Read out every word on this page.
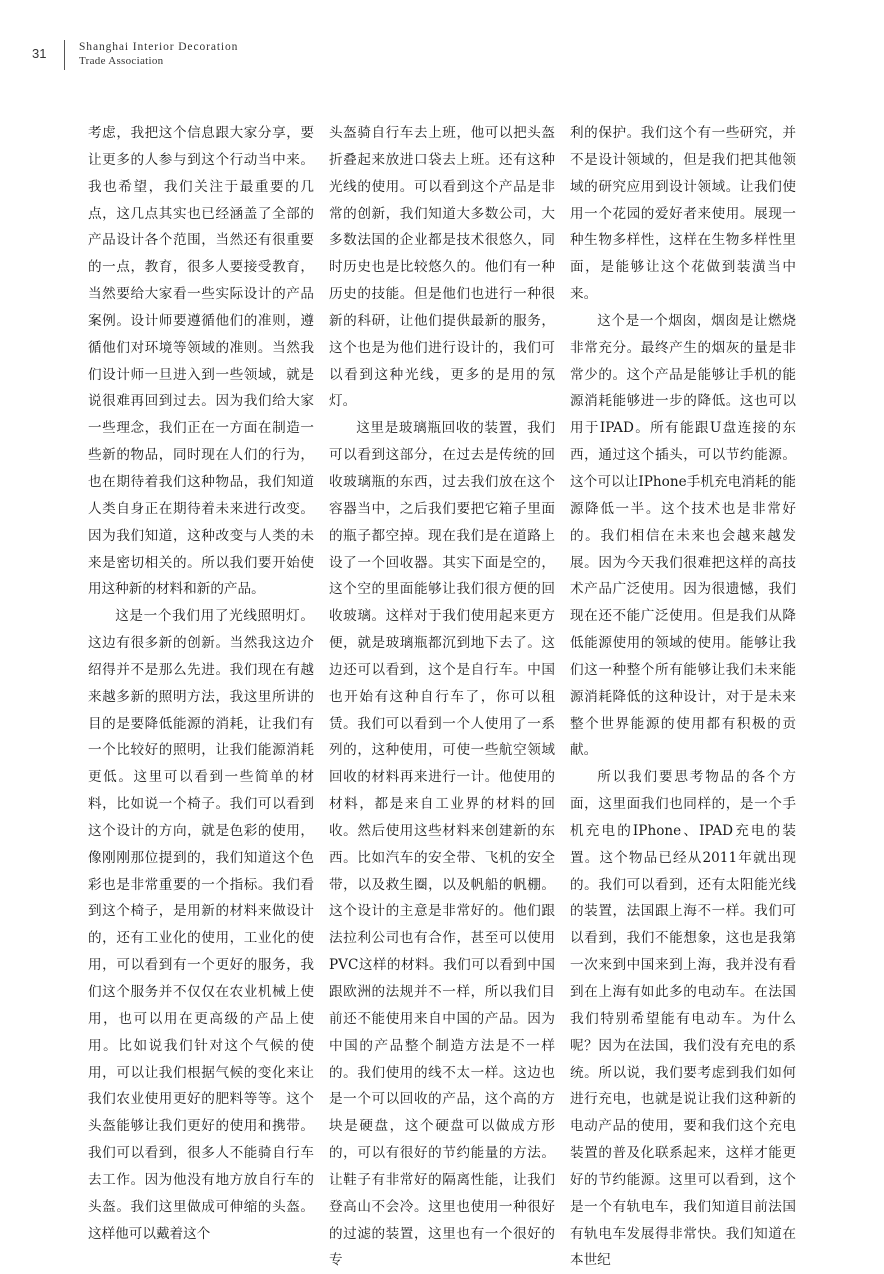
31	Shanghai Interior Decoration
Trade Association

考虑，我把这个信息跟大家分享，要让更多的人参与到这个行动当中来。我也希望，我们关注于最重要的几点，这几点其实也已经涵盖了全部的产品设计各个范围，当然还有很重要的一点，教育，很多人要接受教育，当然要给大家看一些实际设计的产品案例。设计师要遵循他们的准则，遵循他们对环境等领域的准则。当然我们设计师一旦进入到一些领域，就是说很难再回到过去。因为我们给大家一些理念，我们正在一方面在制造一些新的物品，同时现在人们的行为，也在期待着我们这种物品，我们知道人类自身正在期待着未来进行改变。因为我们知道，这种改变与人类的未来是密切相关的。所以我们要开始使用这种新的材料和新的产品。

这是一个我们用了光线照明灯。这边有很多新的创新。当然我这边介绍得并不是那么先进。我们现在有越来越多新的照明方法，我这里所讲的目的是要降低能源的消耗，让我们有一个比较好的照明，让我们能源消耗更低。这里可以看到一些简单的材料，比如说一个椅子。我们可以看到这个设计的方向，就是色彩的使用，像刚刚那位提到的，我们知道这个色彩也是非常重要的一个指标。我们看到这个椅子，是用新的材料来做设计的，还有工业化的使用，工业化的使用，可以看到有一个更好的服务，我们这个服务并不仅仅在农业机械上使用，也可以用在更高级的产品上使用。比如说我们针对这个气候的使用，可以让我们根据气候的变化来让我们农业使用更好的肥料等等。这个头盔能够让我们更好的使用和携带。我们可以看到，很多人不能骑自行车去工作。因为他没有地方放自行车的头盔。我们这里做成可伸缩的头盔。这样他可以戴着这个

头盔骑自行车去上班，他可以把头盔折叠起来放进口袋去上班。还有这种光线的使用。可以看到这个产品是非常的创新，我们知道大多数公司，大多数法国的企业都是技术很悠久，同时历史也是比较悠久的。他们有一种历史的技能。但是他们也进行一种很新的科研，让他们提供最新的服务，这个也是为他们进行设计的，我们可以看到这种光线，更多的是用的氖灯。

这里是玻璃瓶回收的装置，我们可以看到这部分，在过去是传统的回收玻璃瓶的东西，过去我们放在这个容器当中，之后我们要把它箱子里面的瓶子都空掉。现在我们是在道路上设了一个回收器。其实下面是空的，这个空的里面能够让我们很方便的回收玻璃。这样对于我们使用起来更方便，就是玻璃瓶都沉到地下去了。这边还可以看到，这个是自行车。中国也开始有这种自行车了，你可以租赁。我们可以看到一个人使用了一系列的，这种使用，可使一些航空领域回收的材料再来进行一计。他使用的材料，都是来自工业界的材料的回收。然后使用这些材料来创建新的东西。比如汽车的安全带、飞机的安全带，以及救生圈，以及帆船的帆棚。这个设计的主意是非常好的。他们跟法拉利公司也有合作，甚至可以使用PVC这样的材料。我们可以看到中国跟欧洲的法规并不一样，所以我们目前还不能使用来自中国的产品。因为中国的产品整个制造方法是不一样的。我们使用的线不太一样。这边也是一个可以回收的产品，这个高的方块是硬盘，这个硬盘可以做成方形的，可以有很好的节约能量的方法。让鞋子有非常好的隔离性能，让我们登高山不会冷。这里也使用一种很好的过滤的装置，这里也有一个很好的专

利的保护。我们这个有一些研究，并不是设计领域的，但是我们把其他领域的研究应用到设计领域。让我们使用一个花园的爱好者来使用。展现一种生物多样性，这样在生物多样性里面，是能够让这个花做到装潢当中来。

这个是一个烟囱，烟囱是让燃烧非常充分。最终产生的烟灰的量是非常少的。这个产品是能够让手机的能源消耗能够进一步的降低。这也可以用于IPAD。所有能跟U盘连接的东西，通过这个插头，可以节约能源。这个可以让IPhone手机充电消耗的能源降低一半。这个技术也是非常好的。我们相信在未来也会越来越发展。因为今天我们很难把这样的高技术产品广泛使用。因为很遗憾，我们现在还不能广泛使用。但是我们从降低能源使用的领域的使用。能够让我们这一种整个所有能够让我们未来能源消耗降低的这种设计，对于是未来整个世界能源的使用都有积极的贡献。

所以我们要思考物品的各个方面，这里面我们也同样的，是一个手机充电的IPhone、IPAD充电的装置。这个物品已经从2011年就出现的。我们可以看到，还有太阳能光线的装置，法国跟上海不一样。我们可以看到，我们不能想象，这也是我第一次来到中国来到上海，我并没有看到在上海有如此多的电动车。在法国我们特别希望能有电动车。为什么呢？因为在法国，我们没有充电的系统。所以说，我们要考虑到我们如何进行充电，也就是说让我们这种新的电动产品的使用，要和我们这个充电装置的普及化联系起来，这样才能更好的节约能源。这里可以看到，这个是一个有轨电车，我们知道目前法国有轨电车发展得非常快。我们知道在本世纪
